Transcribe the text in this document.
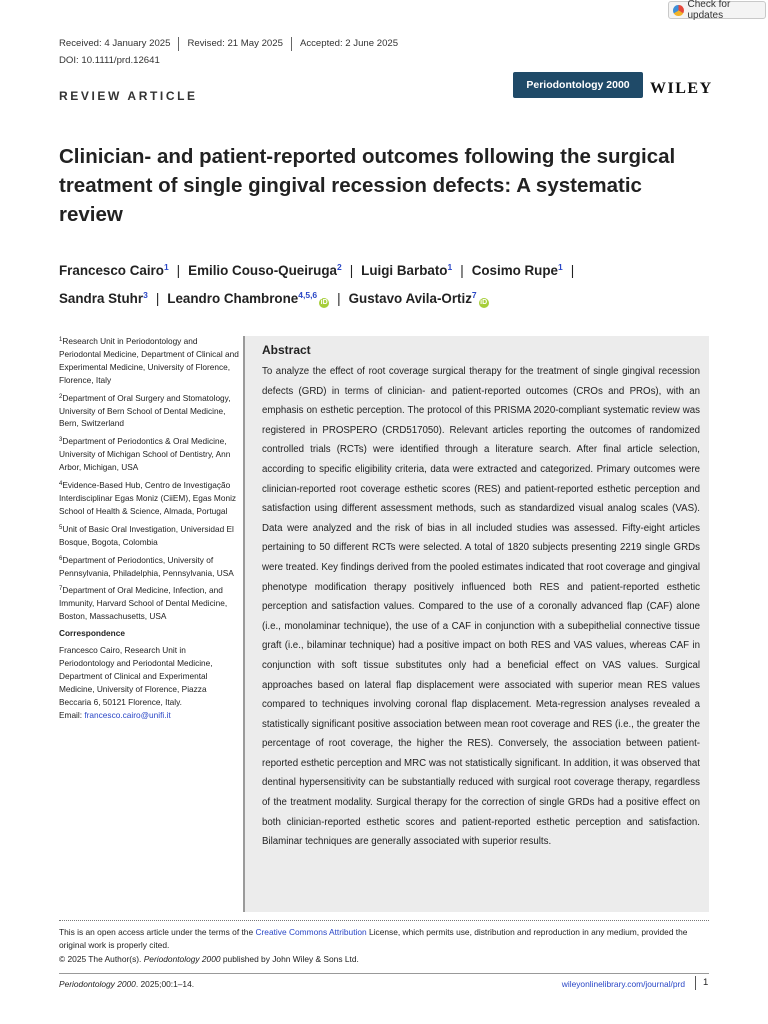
Check for updates
Received: 4 January 2025	Revised: 21 May 2025	Accepted: 2 June 2025
DOI: 10.1111/prd.12641
Periodontology 2000	WILEY
REVIEW ARTICLE
Clinician- and patient-reported outcomes following the surgical treatment of single gingival recession defects: A systematic review
Francesco Cairo$^1$ | Emilio Couso-Queiruga$^2$ | Luigi Barbato$^1$ | Cosimo Rupe$^1$ |
Sandra Stuhr$^3$ | Leandro Chambrone$^{4,5,6}$iD | Gustavo Avila-Ortiz$^7$iD

$^1$Research Unit in Periodontology and Periodontal Medicine, Department of Clinical and Experimental Medicine, University of Florence, Florence, Italy

$^2$Department of Oral Surgery and Stomatology, University of Bern School of Dental Medicine, Bern, Switzerland

$^3$Department of Periodontics & Oral Medicine, University of Michigan School of Dentistry, Ann Arbor, Michigan, USA

$^4$Evidence-Based Hub, Centro de Investigação Interdisciplinar Egas Moniz (CiiEM), Egas Moniz School of Health & Science, Almada, Portugal

$^5$Unit of Basic Oral Investigation, Universidad El Bosque, Bogota, Colombia

$^6$Department of Periodontics, University of Pennsylvania, Philadelphia, Pennsylvania, USA

$^7$Department of Oral Medicine, Infection, and Immunity, Harvard School of Dental Medicine, Boston, Massachusetts, USA

Correspondence

Francesco Cairo, Research Unit in Periodontology and Periodontal Medicine, Department of Clinical and Experimental Medicine, University of Florence, Piazza Beccaria 6, 50121 Florence, Italy.
Email: francesco.cairo@unifi.it

Abstract

To analyze the effect of root coverage surgical therapy for the treatment of single gingival recession defects (GRD) in terms of clinician- and patient-reported outcomes (CROs and PROs), with an emphasis on esthetic perception. The protocol of this PRISMA 2020-compliant systematic review was registered in PROSPERO (CRD517050). Relevant articles reporting the outcomes of randomized controlled trials (RCTs) were identified through a literature search. After final article selection, according to specific eligibility criteria, data were extracted and categorized. Primary outcomes were clinician-reported root coverage esthetic scores (RES) and patient-reported esthetic perception and satisfaction using different assessment methods, such as standardized visual analog scales (VAS). Data were analyzed and the risk of bias in all included studies was assessed. Fifty-eight articles pertaining to 50 different RCTs were selected. A total of 1820 subjects presenting 2219 single GRDs were treated. Key findings derived from the pooled estimates indicated that root coverage and gingival phenotype modification therapy positively influenced both RES and patient-reported esthetic perception and satisfaction values. Compared to the use of a coronally advanced flap (CAF) alone (i.e., monolaminar technique), the use of a CAF in conjunction with a subepithelial connective tissue graft (i.e., bilaminar technique) had a positive impact on both RES and VAS values, whereas CAF in conjunction with soft tissue substitutes only had a beneficial effect on VAS values. Surgical approaches based on lateral flap displacement were associated with superior mean RES values compared to techniques involving coronal flap displacement. Meta-regression analyses revealed a statistically significant positive association between mean root coverage and RES (i.e., the greater the percentage of root coverage, the higher the RES). Conversely, the association between patient-reported esthetic perception and MRC was not statistically significant. In addition, it was observed that dentinal hypersensitivity can be substantially reduced with surgical root coverage therapy, regardless of the treatment modality. Surgical therapy for the correction of single GRDs had a positive effect on both clinician-reported esthetic scores and patient-reported esthetic perception and satisfaction. Bilaminar techniques are generally associated with superior results.

This is an open access article under the terms of the Creative Commons Attribution License, which permits use, distribution and reproduction in any medium, provided the original work is properly cited.
© 2025 The Author(s). Periodontology 2000 published by John Wiley & Sons Ltd.
Periodontology 2000. 2025;00:1–14.	wileyonlinelibrary.com/journal/prd	1
